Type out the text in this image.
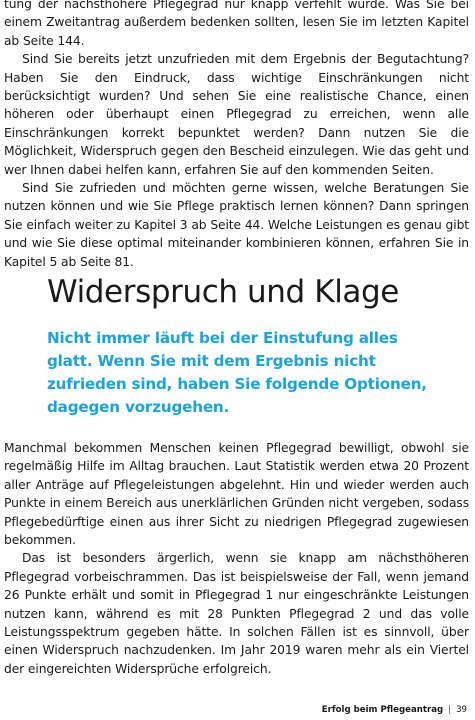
tung der nächsthöhere Pflegegrad nur knapp verfehlt wurde. Was Sie bei einem Zweitantrag außerdem bedenken sollten, lesen Sie im letzten Kapitel ab Seite 144.

Sind Sie bereits jetzt unzufrieden mit dem Ergebnis der Begutachtung? Haben Sie den Eindruck, dass wichtige Einschränkungen nicht berücksichtigt wurden? Und sehen Sie eine realistische Chance, einen höheren oder überhaupt einen Pflegegrad zu erreichen, wenn alle Einschränkungen korrekt bepunktet werden? Dann nutzen Sie die Möglichkeit, Widerspruch gegen den Bescheid einzulegen. Wie das geht und wer Ihnen dabei helfen kann, erfahren Sie auf den kommenden Seiten.

Sind Sie zufrieden und möchten gerne wissen, welche Beratungen Sie nutzen können und wie Sie Pflege praktisch lernen können? Dann springen Sie einfach weiter zu Kapitel 3 ab Seite 44. Welche Leistungen es genau gibt und wie Sie diese optimal miteinander kombinieren können, erfahren Sie in Kapitel 5 ab Seite 81.

Widerspruch und Klage

Nicht immer läuft bei der Einstufung alles glatt. Wenn Sie mit dem Ergebnis nicht zufrieden sind, haben Sie folgende Optionen, dagegen vorzugehen.

Manchmal bekommen Menschen keinen Pflegegrad bewilligt, obwohl sie regelmäßig Hilfe im Alltag brauchen. Laut Statistik werden etwa 20 Prozent aller Anträge auf Pflegeleistungen abgelehnt. Hin und wieder werden auch Punkte in einem Bereich aus unerklärlichen Gründen nicht vergeben, sodass Pflegebedürftige einen aus ihrer Sicht zu niedrigen Pflegegrad zugewiesen bekommen.

Das ist besonders ärgerlich, wenn sie knapp am nächsthöheren Pflegegrad vorbeischrammen. Das ist beispielsweise der Fall, wenn jemand 26 Punkte erhält und somit in Pflegegrad 1 nur eingeschränkte Leistungen nutzen kann, während es mit 28 Punkten Pflegegrad 2 und das volle Leistungsspektrum gegeben hätte. In solchen Fällen ist es sinnvoll, über einen Widerspruch nachzudenken. Im Jahr 2019 waren mehr als ein Viertel der eingereichten Widersprüche erfolgreich.

Erfolg beim Pflegeantrag | 39
